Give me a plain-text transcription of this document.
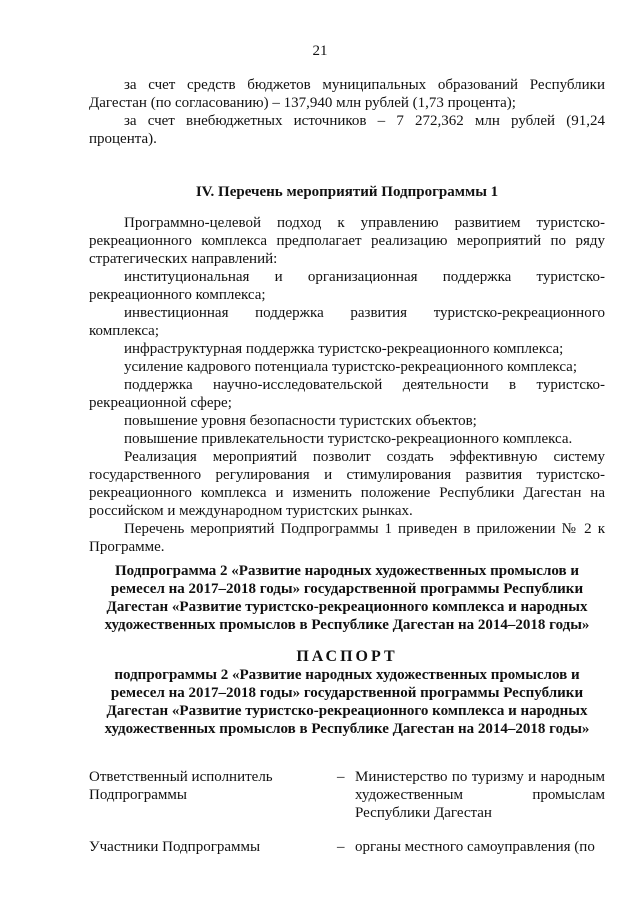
21

за счет средств бюджетов муниципальных образований Республики Дагестан (по согласованию) – 137,940 млн рублей (1,73 процента);

за счет внебюджетных источников – 7 272,362 млн рублей (91,24 процента).

IV. Перечень мероприятий Подпрограммы 1

Программно-целевой подход к управлению развитием туристско-рекреационного комплекса предполагает реализацию мероприятий по ряду стратегических направлений:

институциональная и организационная поддержка туристско-рекреационного комплекса;

инвестиционная поддержка развития туристско-рекреационного комплекса;

инфраструктурная поддержка туристско-рекреационного комплекса;

усиление кадрового потенциала туристско-рекреационного комплекса;

поддержка научно-исследовательской деятельности в туристско-рекреационной сфере;

повышение уровня безопасности туристских объектов;

повышение привлекательности туристско-рекреационного комплекса.

Реализация мероприятий позволит создать эффективную систему государственного регулирования и стимулирования развития туристско-рекреационного комплекса и изменить положение Республики Дагестан на российском и международном туристских рынках.

Перечень мероприятий Подпрограммы 1 приведен в приложении № 2 к Программе.

Подпрограмма 2 «Развитие народных художественных промыслов и ремесел на 2017–2018 годы» государственной программы Республики Дагестан «Развитие туристско-рекреационного комплекса и народных художественных промыслов в Республике Дагестан на 2014–2018 годы»

ПАСПОРТ

подпрограммы 2 «Развитие народных художественных промыслов и ремесел на 2017–2018 годы» государственной программы Республики Дагестан «Развитие туристско-рекреационного комплекса и народных художественных промыслов в Республике Дагестан на 2014–2018 годы»

Ответственный исполнитель Подпрограммы
– Министерство по туризму и народным художественным промыслам Республики Дагестан
Участники Подпрограммы	– органы местного самоуправления (по
